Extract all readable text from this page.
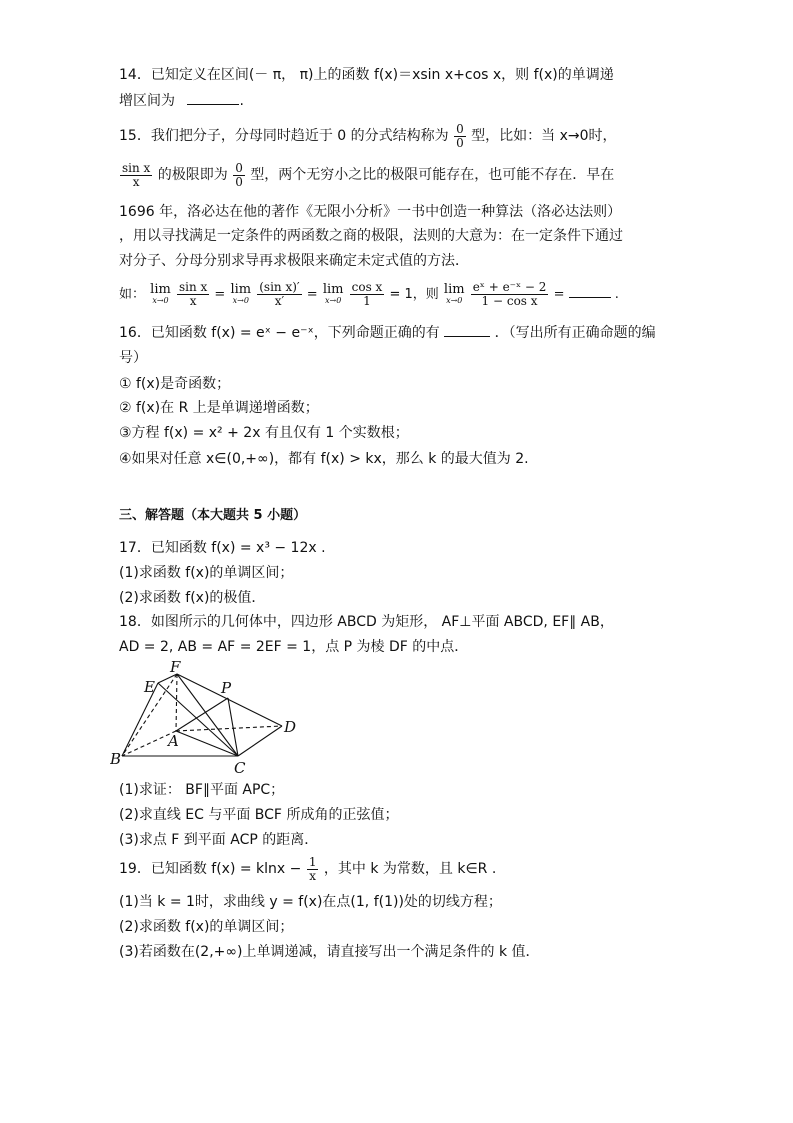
14．已知定义在区间(－ π， π)上的函数 f(x)＝xsin x+cos x，则 f(x)的单调递
增区间为	.
15．我们把分子，分母同时趋近于 0 的分式结构称为 $\frac{0}{0}$ 型，比如：当 x→0时，
$\frac{\text{sin x}}{x}$ 的极限即为 $\frac{0}{0}$ 型，两个无穷小之比的极限可能存在，也可能不存在．早在
1696 年，洛必达在他的著作《无限小分析》一书中创造一种算法（洛必达法则）
，用以寻找满足一定条件的两函数之商的极限，法则的大意为：在一定条件下通过
对分子、分母分别求导再求极限来确定未定式值的方法．
如： lim
x→0
$\frac{\text{sin x}}{x} = \lim$
x→0
$\frac{\text{(sin x)′}}{x'} = \lim$
x→0
$\frac{\text{cos x}}{1} = 1$，则 lim
x→0
$\frac{\text{eˣ + e⁻ˣ − 2}}{\text{1 − cos x}}$ =	.
16．已知函数 f(x) = eˣ − e⁻ˣ，下列命题正确的有	．（写出所有正确命题的编
号）
① f(x)是奇函数；
② f(x)在 R 上是单调递增函数；
③方程 f(x) = x² + 2x 有且仅有 1 个实数根；
④如果对任意 x∈(0,+∞)，都有 f(x) > kx，那么 k 的最大值为 2.
三、解答题（本大题共 5 小题）
17．已知函数 f(x) = x³ − 12x .
(1)求函数 f(x)的单调区间；
(2)求函数 f(x)的极值．
18．如图所示的几何体中，四边形 ABCD 为矩形， AF⊥平面 ABCD, EF∥ AB，
AD = 2, AB = AF = 2EF = 1，点 P 为棱 DF 的中点．
F
E	P
D
A
B	C
(1)求证： BF∥平面 APC；
(2)求直线 EC 与平面 BCF 所成角的正弦值；
(3)求点 F 到平面 ACP 的距离．
19．已知函数 $f(x) = klnx - \frac{1}{x}$ ，其中 k 为常数，且 k∈R .
(1)当 k = 1时，求曲线 y = f(x)在点(1, f(1))处的切线方程；
(2)求函数 f(x)的单调区间；
(3)若函数在(2,+∞)上单调递减，请直接写出一个满足条件的 k 值．
